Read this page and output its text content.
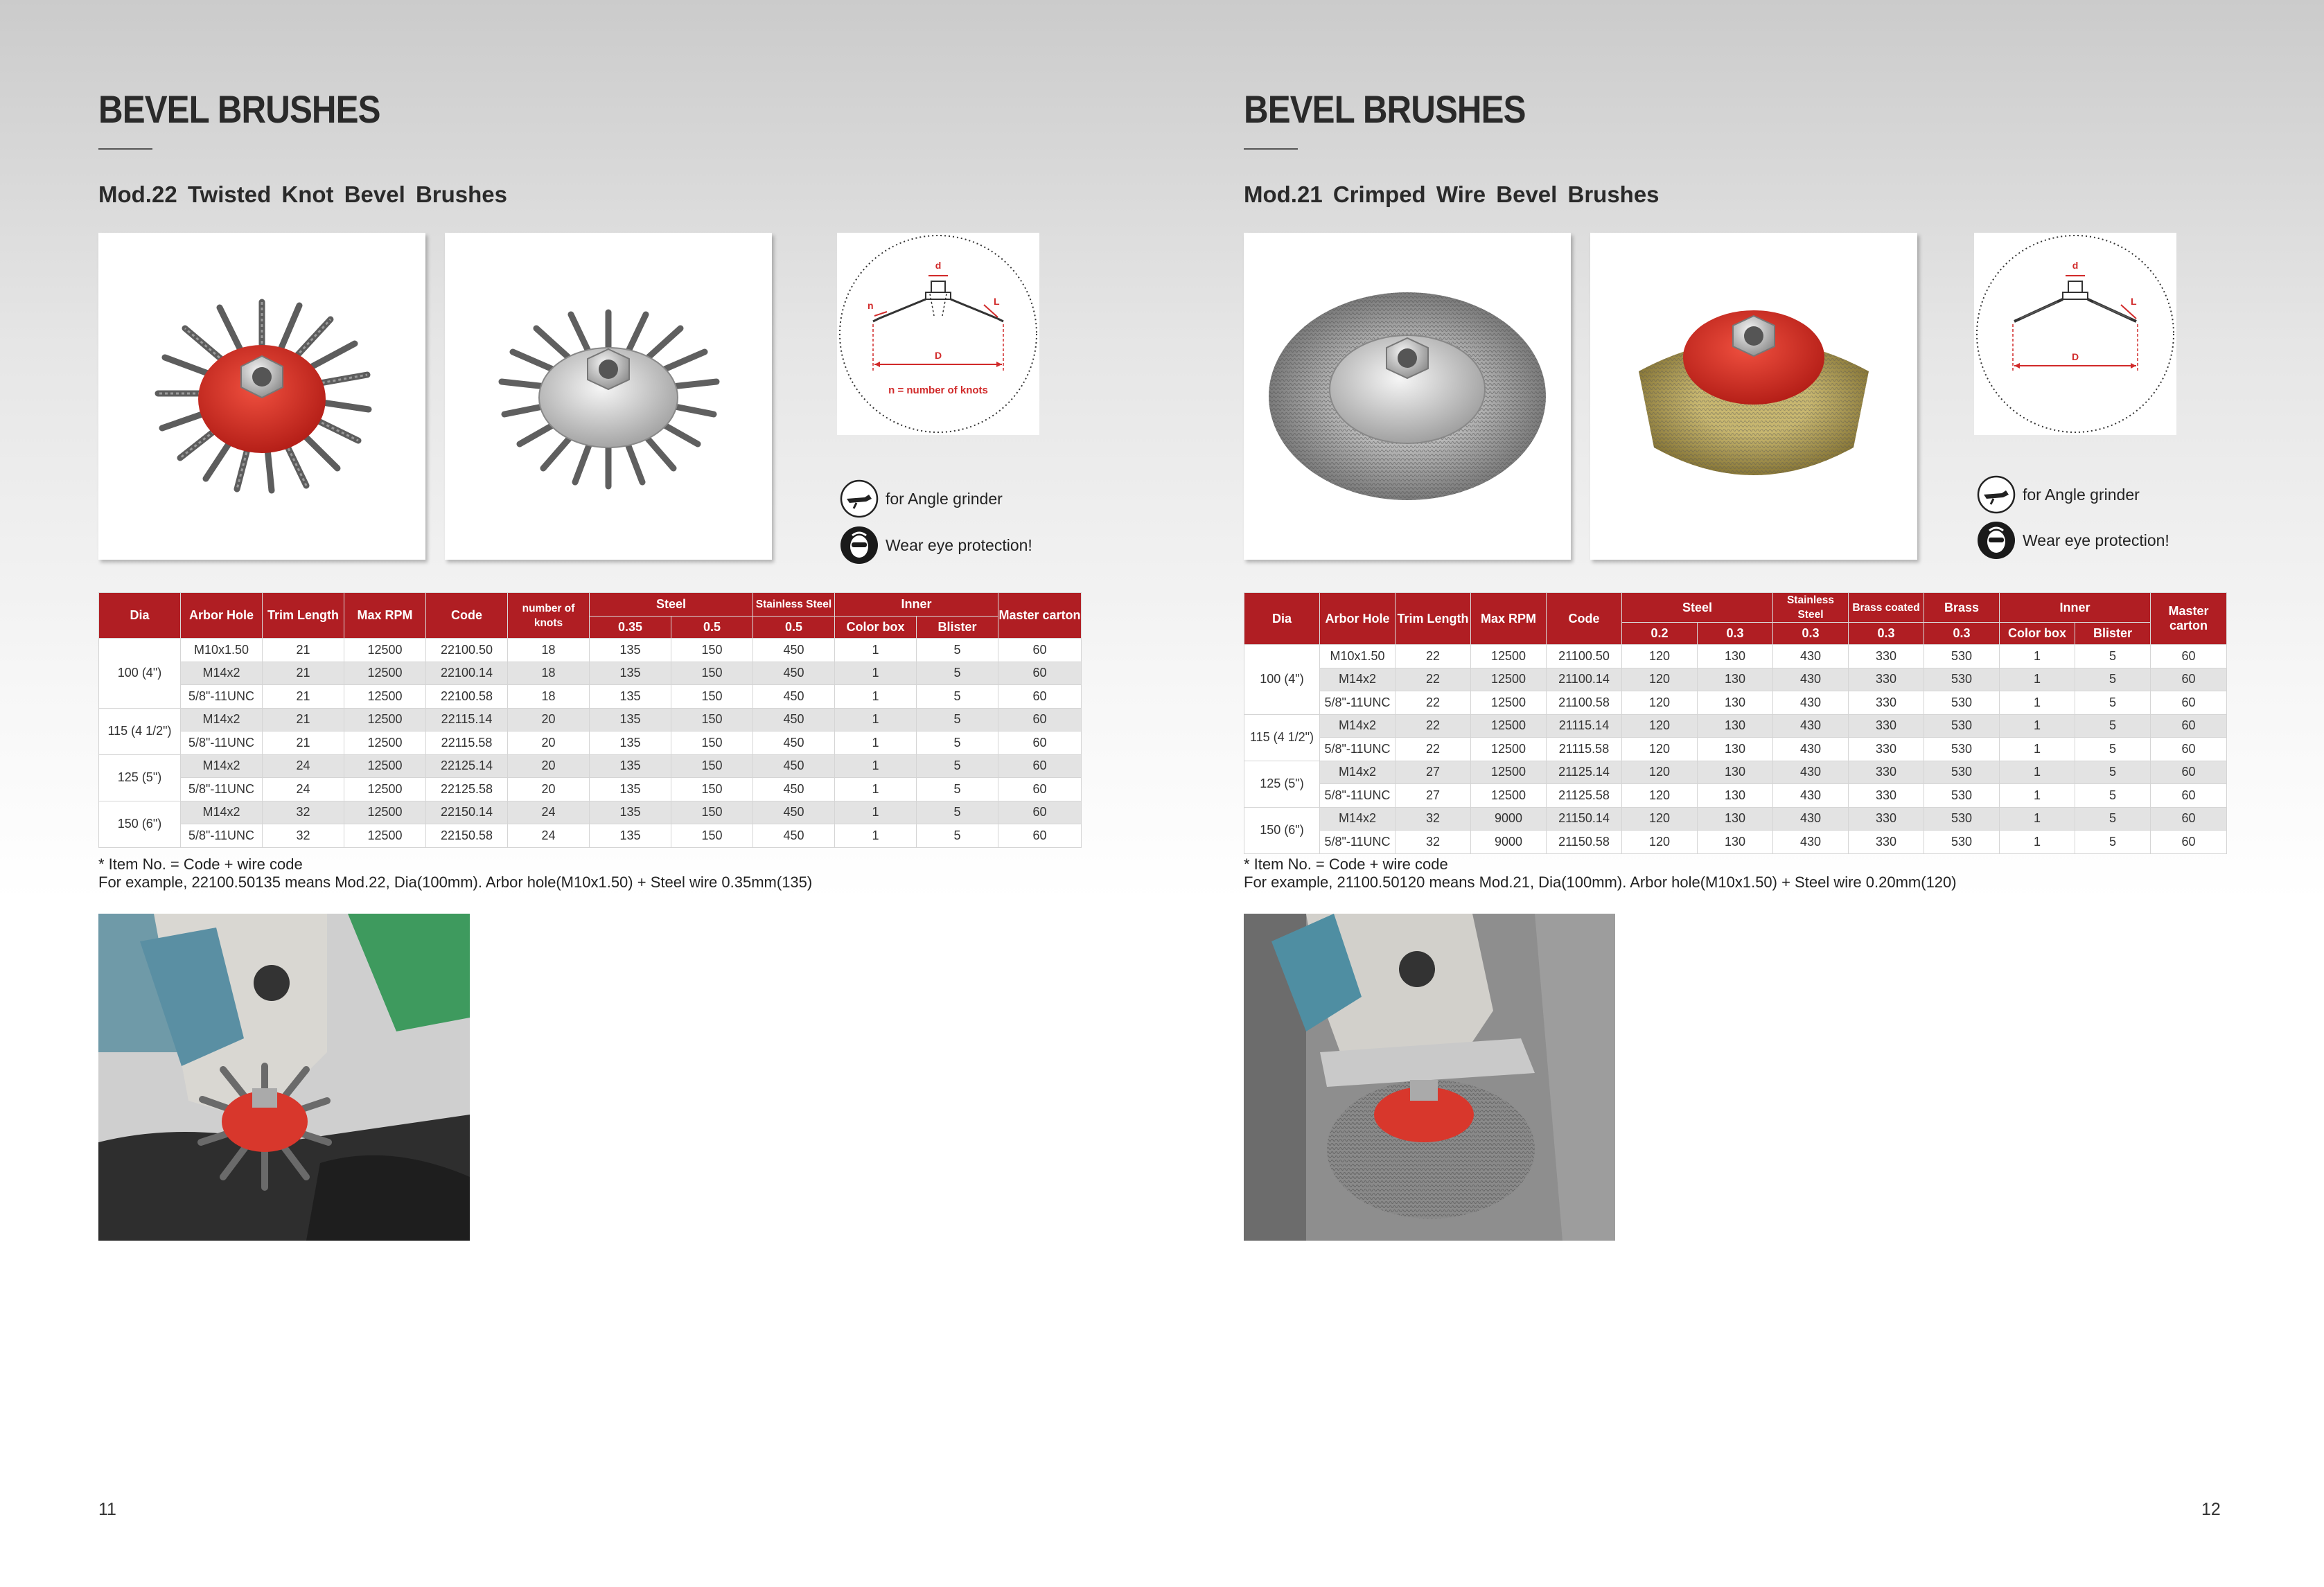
BEVEL BRUSHES
Mod.22 Twisted Knot Bevel Brushes
d
n	L
D
n = number of knots
for Angle grinder
Wear eye protection!
Dia	Arbor Hole	Trim Length	Max RPM	Code	number of knots	Steel		Stainless Steel	Inner		Master carton
						0.35	0.5	0.5	Color box	Blister	
100 (4")	M10x1.50	21	12500	22100.50	18	135	150	450	1	5	60
	M14x2	21	12500	22100.14	18	135	150	450	1	5	60
	5/8"-11UNC	21	12500	22100.58	18	135	150	450	1	5	60
115 (4 1/2")	M14x2	21	12500	22115.14	20	135	150	450	1	5	60
	5/8"-11UNC	21	12500	22115.58	20	135	150	450	1	5	60
125 (5")	M14x2	24	12500	22125.14	20	135	150	450	1	5	60
	5/8"-11UNC	24	12500	22125.58	20	135	150	450	1	5	60
150 (6")	M14x2	32	12500	22150.14	24	135	150	450	1	5	60
	5/8"-11UNC	32	12500	22150.58	24	135	150	450	1	5	60
* Item No. = Code + wire code
For example, 22100.50135 means Mod.22, Dia(100mm). Arbor hole(M10x1.50) + Steel wire 0.35mm(135)
11
BEVEL BRUSHES
Mod.21 Crimped Wire Bevel Brushes
d
L
D
for Angle grinder
Wear eye protection!
Dia	Arbor Hole	Trim Length	Max RPM	Code	Steel		Stainless Steel	Brass coated	Brass	Inner		Master carton
					0.2	0.3	0.3	0.3	0.3	Color box	Blister	
100 (4")	M10x1.50	22	12500	21100.50	120	130	430	330	530	1	5	60
	M14x2	22	12500	21100.14	120	130	430	330	530	1	5	60
	5/8"-11UNC	22	12500	21100.58	120	130	430	330	530	1	5	60
115 (4 1/2")	M14x2	22	12500	21115.14	120	130	430	330	530	1	5	60
	5/8"-11UNC	22	12500	21115.58	120	130	430	330	530	1	5	60
125 (5")	M14x2	27	12500	21125.14	120	130	430	330	530	1	5	60
	5/8"-11UNC	27	12500	21125.58	120	130	430	330	530	1	5	60
150 (6")	M14x2	32	9000	21150.14	120	130	430	330	530	1	5	60
	5/8"-11UNC	32	9000	21150.58	120	130	430	330	530	1	5	60
* Item No. = Code + wire code
For example, 21100.50120 means Mod.21, Dia(100mm). Arbor hole(M10x1.50) + Steel wire 0.20mm(120)
12
